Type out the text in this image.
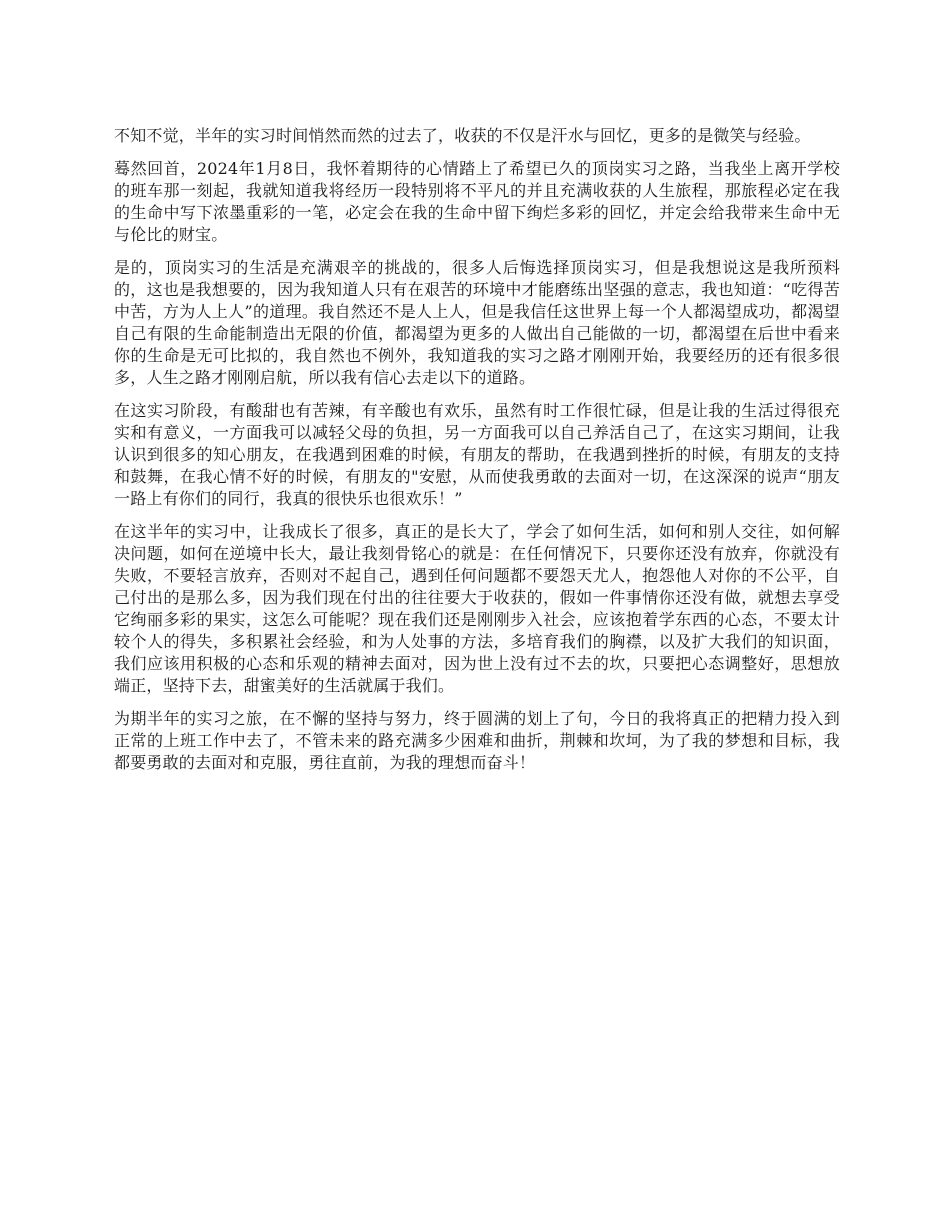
不知不觉，半年的实习时间悄然而然的过去了，收获的不仅是汗水与回忆，更多的是微笑与经验。

蓦然回首，2024年1月8日，我怀着期待的心情踏上了希望已久的顶岗实习之路，当我坐上离开学校的班车那一刻起，我就知道我将经历一段特别将不平凡的并且充满收获的人生旅程，那旅程必定在我的生命中写下浓墨重彩的一笔，必定会在我的生命中留下绚烂多彩的回忆，并定会给我带来生命中无与伦比的财宝。

是的，顶岗实习的生活是充满艰辛的挑战的，很多人后悔选择顶岗实习，但是我想说这是我所预料的，这也是我想要的，因为我知道人只有在艰苦的环境中才能磨练出坚强的意志，我也知道：“吃得苦中苦，方为人上人”的道理。我自然还不是人上人，但是我信任这世界上每一个人都渴望成功，都渴望自己有限的生命能制造出无限的价值，都渴望为更多的人做出自己能做的一切，都渴望在后世中看来你的生命是无可比拟的，我自然也不例外，我知道我的实习之路才刚刚开始，我要经历的还有很多很多，人生之路才刚刚启航，所以我有信心去走以下的道路。

在这实习阶段，有酸甜也有苦辣，有辛酸也有欢乐，虽然有时工作很忙碌，但是让我的生活过得很充实和有意义，一方面我可以减轻父母的负担，另一方面我可以自己养活自己了，在这实习期间，让我认识到很多的知心朋友，在我遇到困难的时候，有朋友的帮助，在我遇到挫折的时候，有朋友的支持和鼓舞，在我心情不好的时候，有朋友的"安慰，从而使我勇敢的去面对一切，在这深深的说声“朋友一路上有你们的同行，我真的很快乐也很欢乐！”

在这半年的实习中，让我成长了很多，真正的是长大了，学会了如何生活，如何和别人交往，如何解决问题，如何在逆境中长大，最让我刻骨铭心的就是：在任何情况下，只要你还没有放弃，你就没有失败，不要轻言放弃，否则对不起自己，遇到任何问题都不要怨天尤人，抱怨他人对你的不公平，自己付出的是那么多，因为我们现在付出的往往要大于收获的，假如一件事情你还没有做，就想去享受它绚丽多彩的果实，这怎么可能呢？现在我们还是刚刚步入社会，应该抱着学东西的心态，不要太计较个人的得失，多积累社会经验，和为人处事的方法，多培育我们的胸襟，以及扩大我们的知识面，我们应该用积极的心态和乐观的精神去面对，因为世上没有过不去的坎，只要把心态调整好，思想放端正，坚持下去，甜蜜美好的生活就属于我们。

为期半年的实习之旅，在不懈的坚持与努力，终于圆满的划上了句，今日的我将真正的把精力投入到正常的上班工作中去了，不管未来的路充满多少困难和曲折，荆棘和坎坷，为了我的梦想和目标，我都要勇敢的去面对和克服，勇往直前，为我的理想而奋斗！
